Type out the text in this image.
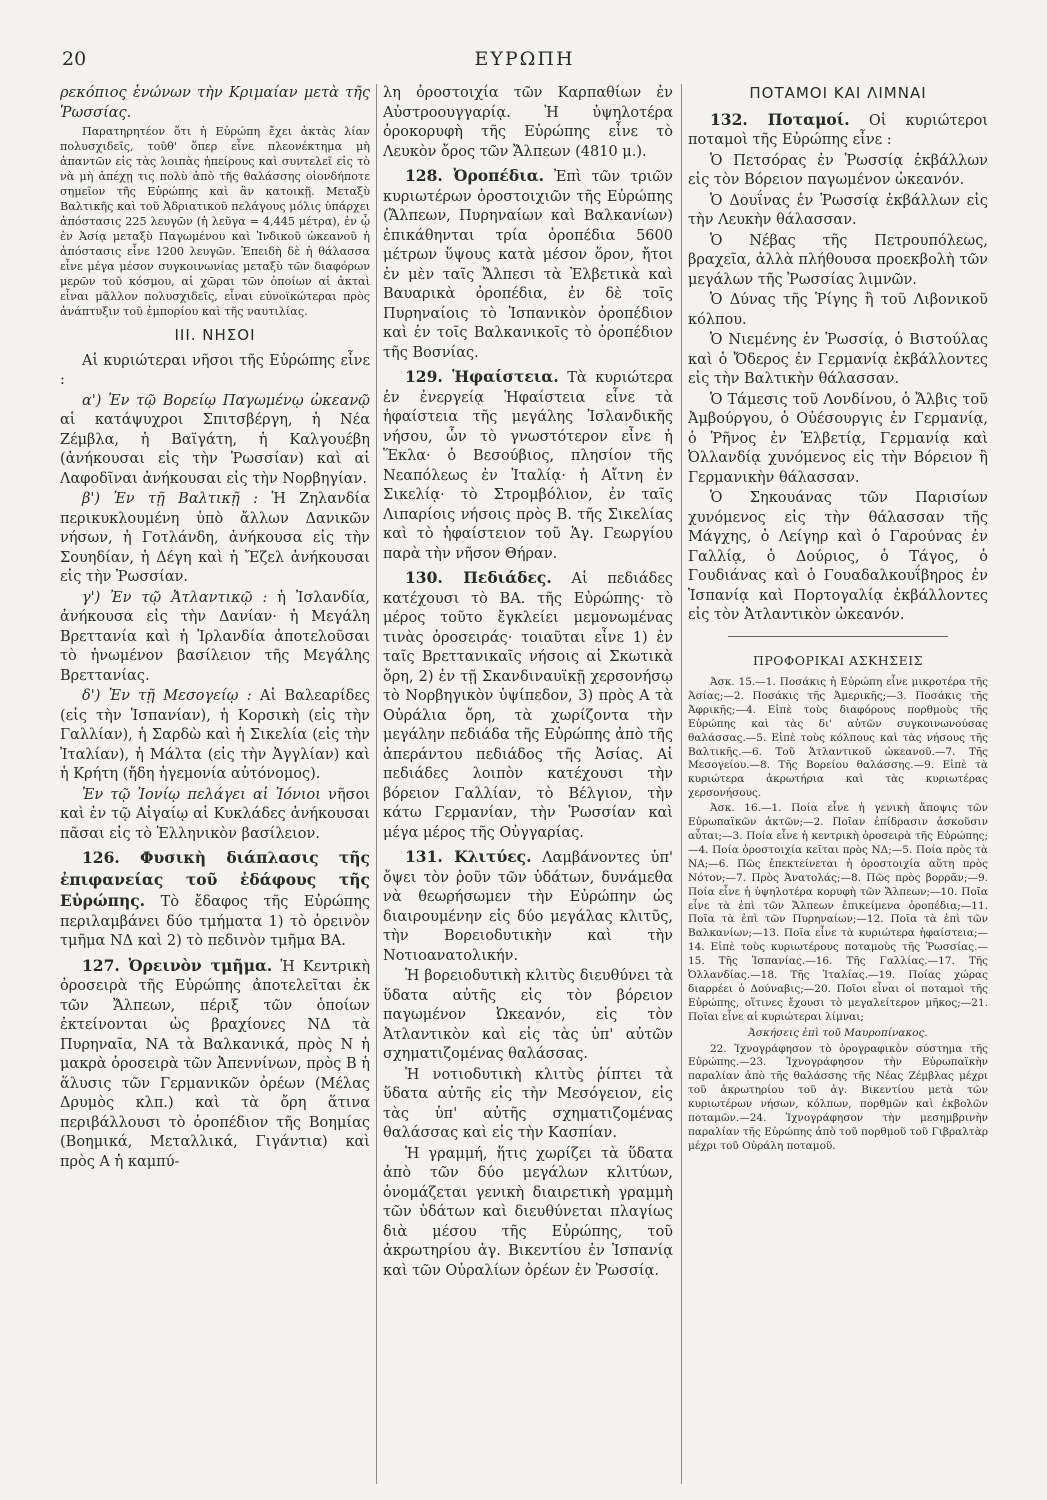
20	ΕΥΡΩΠΗ

ρεκόπιος ἑνώνων τὴν Κριμαίαν μετὰ τῆς Ῥωσσίας.

Παρατηρητέον ὅτι ἡ Εὐρώπη ἔχει ἀκτὰς λίαν πολυσχιδεῖς, τοῦθ' ὅπερ εἶνε πλεονέκτημα μὴ ἀπαντῶν εἰς τὰς λοιπὰς ἠπείρους καὶ συντελεῖ εἰς τὸ νὰ μὴ ἀπέχῃ τις πολὺ ἀπὸ τῆς θαλάσσης οἱονδήποτε σημεῖον τῆς Εὐρώπης καὶ ἂν κατοικῇ. Μεταξὺ Βαλτικῆς καὶ τοῦ Ἀδριατικοῦ πελάγους μόλις ὑπάρχει ἀπόστασις 225 λευγῶν (ἡ λεῦγα = 4,445 μέτρα), ἐν ᾧ ἐν Ἀσίᾳ μεταξὺ Παγωμένου καὶ Ἰνδικοῦ ὠκεανοῦ ἡ ἀπόστασις εἶνε 1200 λευγῶν. Ἐπειδὴ δὲ ἡ θάλασσα εἶνε μέγα μέσον συγκοινωνίας μεταξὺ τῶν διαφόρων μερῶν τοῦ κόσμου, αἱ χῶραι τῶν ὁποίων αἱ ἀκταὶ εἶναι μᾶλλον πολυσχιδεῖς, εἶναι εὐνοϊκώτεραι πρὸς ἀνάπτυξιν τοῦ ἐμπορίου καὶ τῆς ναυτιλίας.

III. ΝΗΣΟΙ

Αἱ κυριώτεραι νῆσοι τῆς Εὐρώπης εἶνε :

α') Ἐν τῷ Βορείῳ Παγωμένῳ ὠκεανῷ αἱ κατάψυχροι Σπιτσβέργη, ἡ Νέα Ζέμβλα, ἡ Βαϊγάτη, ἡ Καλγουέβη (ἀνήκουσαι εἰς τὴν Ῥωσσίαν) καὶ αἱ Λαφοδῖναι ἀνήκουσαι εἰς τὴν Νορβηγίαν.

β') Ἐν τῇ Βαλτικῇ : Ἡ Ζηλανδία περικυκλουμένη ὑπὸ ἄλλων Δανικῶν νήσων, ἡ Γοτλάνδη, ἀνήκουσα εἰς τὴν Σουηδίαν, ἡ Δέγη καὶ ἡ Ἔζελ ἀνήκουσαι εἰς τὴν Ῥωσσίαν.

γ') Ἐν τῷ Ἀτλαντικῷ : ἡ Ἰσλανδία, ἀνήκουσα εἰς τὴν Δανίαν· ἡ Μεγάλη Βρεττανία καὶ ἡ Ἰρλανδία ἀποτελοῦσαι τὸ ἡνωμένον βασίλειον τῆς Μεγάλης Βρεττανίας.

δ') Ἐν τῇ Μεσογείῳ : Αἱ Βαλεαρίδες (εἰς τὴν Ἱσπανίαν), ἡ Κορσικὴ (εἰς τὴν Γαλλίαν), ἡ Σαρδὼ καὶ ἡ Σικελία (εἰς τὴν Ἰταλίαν), ἡ Μάλτα (εἰς τὴν Ἀγγλίαν) καὶ ἡ Κρήτη (ἤδη ἡγεμονία αὐτόνομος).

Ἐν τῷ Ἰονίῳ πελάγει αἱ Ἰόνιοι νῆσοι καὶ ἐν τῷ Αἰγαίῳ αἱ Κυκλάδες ἀνήκουσαι πᾶσαι εἰς τὸ Ἑλληνικὸν βασίλειον.

126. Φυσικὴ διάπλασις τῆς ἐπιφανείας τοῦ ἐδάφους τῆς Εὐρώπης. Τὸ ἔδαφος τῆς Εὐρώπης περιλαμβάνει δύο τμήματα 1) τὸ ὀρεινὸν τμῆμα ΝΔ καὶ 2) τὸ πεδινὸν τμῆμα ΒΑ.

127. Ὀρεινὸν τμῆμα. Ἡ Κεντρικὴ ὀροσειρὰ τῆς Εὐρώπης ἀποτελεῖται ἐκ τῶν Ἄλπεων, πέριξ τῶν ὁποίων ἐκτείνονται ὡς βραχίονες ΝΔ τὰ Πυρηναῖα, ΝΑ τὰ Βαλκανικά, πρὸς Ν ἡ μακρὰ ὀροσειρὰ τῶν Ἀπεννίνων, πρὸς Β ἡ ἅλυσις τῶν Γερμανικῶν ὀρέων (Μέλας Δρυμὸς κλπ.) καὶ τὰ ὄρη ἅτινα περιβάλλουσι τὸ ὀροπέδιον τῆς Βοημίας (Βοημικά, Μεταλλικά, Γιγάντια) καὶ πρὸς Α ἡ καμπύ-

λη ὀροστοιχία τῶν Καρπαθίων ἐν Αὐστροουγγαρίᾳ. Ἡ ὑψηλοτέρα ὀροκορυφὴ τῆς Εὐρώπης εἶνε τὸ Λευκὸν ὄρος τῶν Ἄλπεων (4810 μ.).

128. Ὀροπέδια. Ἐπὶ τῶν τριῶν κυριωτέρων ὀροστοιχιῶν τῆς Εὐρώπης (Ἄλπεων, Πυρηναίων καὶ Βαλκανίων) ἐπικάθηνται τρία ὀροπέδια 5600 μέτρων ὕψους κατὰ μέσον ὅρον, ἤτοι ἐν μὲν ταῖς Ἄλπεσι τὰ Ἑλβετικὰ καὶ Βαυαρικὰ ὀροπέδια, ἐν δὲ τοῖς Πυρηναίοις τὸ Ἱσπανικὸν ὀροπέδιον καὶ ἐν τοῖς Βαλκανικοῖς τὸ ὀροπέδιον τῆς Βοσνίας.

129. Ἡφαίστεια. Τὰ κυριώτερα ἐν ἐνεργείᾳ Ἡφαίστεια εἶνε τὰ ἡφαίστεια τῆς μεγάλης Ἰσλανδικῆς νήσου, ὧν τὸ γνωστότερον εἶνε ἡ Ἕκλα· ὁ Βεσούβιος, πλησίον τῆς Νεαπόλεως ἐν Ἰταλίᾳ· ἡ Αἴτνη ἐν Σικελίᾳ· τὸ Στρομβόλιον, ἐν ταῖς Λιπαρίοις νήσοις πρὸς Β. τῆς Σικελίας καὶ τὸ ἡφαίστειον τοῦ Ἁγ. Γεωργίου παρὰ τὴν νῆσον Θήραν.

130. Πεδιάδες. Αἱ πεδιάδες κατέχουσι τὸ ΒΑ. τῆς Εὐρώπης· τὸ μέρος τοῦτο ἔγκλείει μεμονωμένας τινὰς ὀροσειράς· τοιαῦται εἶνε 1) ἐν ταῖς Βρεττανικαῖς νήσοις αἱ Σκωτικὰ ὄρη, 2) ἐν τῇ Σκανδιναυϊκῇ χερσονήσῳ τὸ Νορβηγικὸν ὑψίπεδον, 3) πρὸς Α τὰ Οὐράλια ὄρη, τὰ χωρίζοντα τὴν μεγάλην πεδιάδα τῆς Εὐρώπης ἀπὸ τῆς ἀπεράντου πεδιάδος τῆς Ἀσίας. Αἱ πεδιάδες λοιπὸν κατέχουσι τὴν βόρειον Γαλλίαν, τὸ Βέλγιον, τὴν κάτω Γερμανίαν, τὴν Ῥωσσίαν καὶ μέγα μέρος τῆς Οὐγγαρίας.

131. Κλιτύες. Λαμβάνοντες ὑπ' ὄψει τὸν ῥοῦν τῶν ὑδάτων, δυνάμεθα νὰ θεωρήσωμεν τὴν Εὐρώπην ὡς διαιρουμένην εἰς δύο μεγάλας κλιτῦς, τὴν Βορειοδυτικὴν καὶ τὴν Νοτιοανατολικήν.

Ἡ βορειοδυτικὴ κλιτὺς διευθύνει τὰ ὕδατα αὐτῆς εἰς τὸν βόρειον παγωμένον Ὠκεανόν, εἰς τὸν Ἀτλαντικὸν καὶ εἰς τὰς ὑπ' αὐτῶν σχηματιζομένας θαλάσσας.

Ἡ νοτιοδυτικὴ κλιτὺς ῥίπτει τὰ ὕδατα αὐτῆς εἰς τὴν Μεσόγειον, εἰς τὰς ὑπ' αὐτῆς σχηματιζομένας θαλάσσας καὶ εἰς τὴν Κασπίαν.

Ἡ γραμμή, ἥτις χωρίζει τὰ ὕδατα ἀπὸ τῶν δύο μεγάλων κλιτύων, ὀνομάζεται γενικὴ διαιρετικὴ γραμμὴ τῶν ὑδάτων καὶ διευθύνεται πλαγίως διὰ μέσου τῆς Εὐρώπης, τοῦ ἀκρωτηρίου ἁγ. Βικεντίου ἐν Ἱσπανίᾳ καὶ τῶν Οὐραλίων ὀρέων ἐν Ῥωσσίᾳ.

ΠΟΤΑΜΟΙ ΚΑΙ ΛΙΜΝΑΙ

132. Ποταμοί. Οἱ κυριώτεροι ποταμοὶ τῆς Εὐρώπης εἶνε :

Ὁ Πετσόρας ἐν Ῥωσσίᾳ ἐκβάλλων εἰς τὸν Βόρειον παγωμένον ὠκεανόν.

Ὁ Δουΐνας ἐν Ῥωσσίᾳ ἐκβάλλων εἰς τὴν Λευκὴν θάλασσαν.

Ὁ Νέβας τῆς Πετρουπόλεως, βραχεῖα, ἀλλὰ πλήθουσα προεκβολὴ τῶν μεγάλων τῆς Ῥωσσίας λιμνῶν.

Ὁ Δύνας τῆς Ῥίγης ἢ τοῦ Λιβονικοῦ κόλπου.

Ὁ Νιεμένης ἐν Ῥωσσίᾳ, ὁ Βιστούλας καὶ ὁ Ὄδερος ἐν Γερμανίᾳ ἐκβάλλοντες εἰς τὴν Βαλτικὴν θάλασσαν.

Ὁ Τάμεσις τοῦ Λονδίνου, ὁ Ἄλβις τοῦ Ἀμβούργου, ὁ Οὐέσουργις ἐν Γερμανίᾳ, ὁ Ῥῆνος ἐν Ἑλβετίᾳ, Γερμανίᾳ καὶ Ὀλλανδίᾳ χυνόμενος εἰς τὴν Βόρειον ἢ Γερμανικὴν θάλασσαν.

Ὁ Σηκουάνας τῶν Παρισίων χυνόμενος εἰς τὴν θάλασσαν τῆς Μάγχης, ὁ Λείγηρ καὶ ὁ Γαρούνας ἐν Γαλλίᾳ, ὁ Δούριος, ὁ Τάγος, ὁ Γουδιάνας καὶ ὁ Γουαδαλκουΐβηρος ἐν Ἱσπανίᾳ καὶ Πορτογαλίᾳ ἐκβάλλοντες εἰς τὸν Ἀτλαντικὸν ὠκεανόν.

ΠΡΟΦΟΡΙΚΑΙ ΑΣΚΗΣΕΙΣ

Ἀσκ. 15.—1. Ποσάκις ἡ Εὐρώπη εἶνε μικροτέρα τῆς Ἀσίας;—2. Ποσάκις τῆς Ἀμερικῆς;—3. Ποσάκις τῆς Ἀφρικῆς;—4. Εἰπὲ τοὺς διαφόρους πορθμοὺς τῆς Εὐρώπης καὶ τὰς δι' αὐτῶν συγκοινωνούσας θαλάσσας.—5. Εἰπὲ τοὺς κόλπους καὶ τὰς νήσους τῆς Βαλτικῆς.—6. Τοῦ Ἀτλαντικοῦ ὠκεανοῦ.—7. Τῆς Μεσογείου.—8. Τῆς Βορείου θαλάσσης.—9. Εἰπὲ τὰ κυριώτερα ἀκρωτήρια καὶ τὰς κυριωτέρας χερσονήσους.

Ἀσκ. 16.—1. Ποία εἶνε ἡ γενικὴ ἄποψις τῶν Εὐρωπαϊκῶν ἀκτῶν;—2. Ποῖαν ἐπίδρασιν ἀσκοῦσιν αὗται;—3. Ποία εἶνε ἡ κεντρικὴ ὀροσειρὰ τῆς Εὐρώπης;—4. Ποία ὀροστοιχία κεῖται πρὸς ΝΔ;—5. Ποία πρὸς τὰ ΝΑ;—6. Πῶς ἐπεκτείνεται ἡ ὀροστοιχία αὕτη πρὸς Νότον;—7. Πρὸς Ἀνατολάς;—8. Πῶς πρὸς βορρᾶν;—9. Ποία εἶνε ἡ ὑψηλοτέρα κορυφὴ τῶν Ἄλπεων;—10. Ποῖα εἶνε τὰ ἐπὶ τῶν Ἄλπεων ἐπικείμενα ὀροπέδια;—11. Ποῖα τὰ ἐπὶ τῶν Πυρηναίων;—12. Ποῖα τὰ ἐπὶ τῶν Βαλκανίων;—13. Ποῖα εἶνε τὰ κυριώτερα ἡφαίστεια;—14. Εἰπὲ τοὺς κυριωτέρους ποταμοὺς τῆς Ῥωσσίας.—15. Τῆς Ἱσπανίας.—16. Τῆς Γαλλίας.—17. Τῆς Ὀλλανδίας.—18. Τῆς Ἰταλίας.—19. Ποίας χώρας διαρρέει ὁ Δούναβις;—20. Ποῖοι εἶναι οἱ ποταμοὶ τῆς Εὐρώπης, οἵτινες ἔχουσι τὸ μεγαλείτερον μῆκος;—21. Ποῖαι εἶνε αἱ κυριώτεραι λίμναι;

Ἀσκήσεις ἐπὶ τοῦ Μαυροπίνακος.

22. Ἰχνογράφησον τὸ ὀρογραφικὸν σύστημα τῆς Εὐρώπης.—23. Ἰχνογράφησον τὴν Εὐρωπαϊκὴν παραλίαν ἀπὸ τῆς θαλάσσης τῆς Νέας Ζέμβλας μέχρι τοῦ ἀκρωτηρίου τοῦ ἁγ. Βικεντίου μετὰ τῶν κυριωτέρων νήσων, κόλπων, πορθμῶν καὶ ἐκβολῶν ποταμῶν.—24. Ἰχνογράφησον τὴν μεσημβρινὴν παραλίαν τῆς Εὐρώπης ἀπὸ τοῦ πορθμοῦ τοῦ Γιβραλτὰρ μέχρι τοῦ Οὐράλη ποταμοῦ.
